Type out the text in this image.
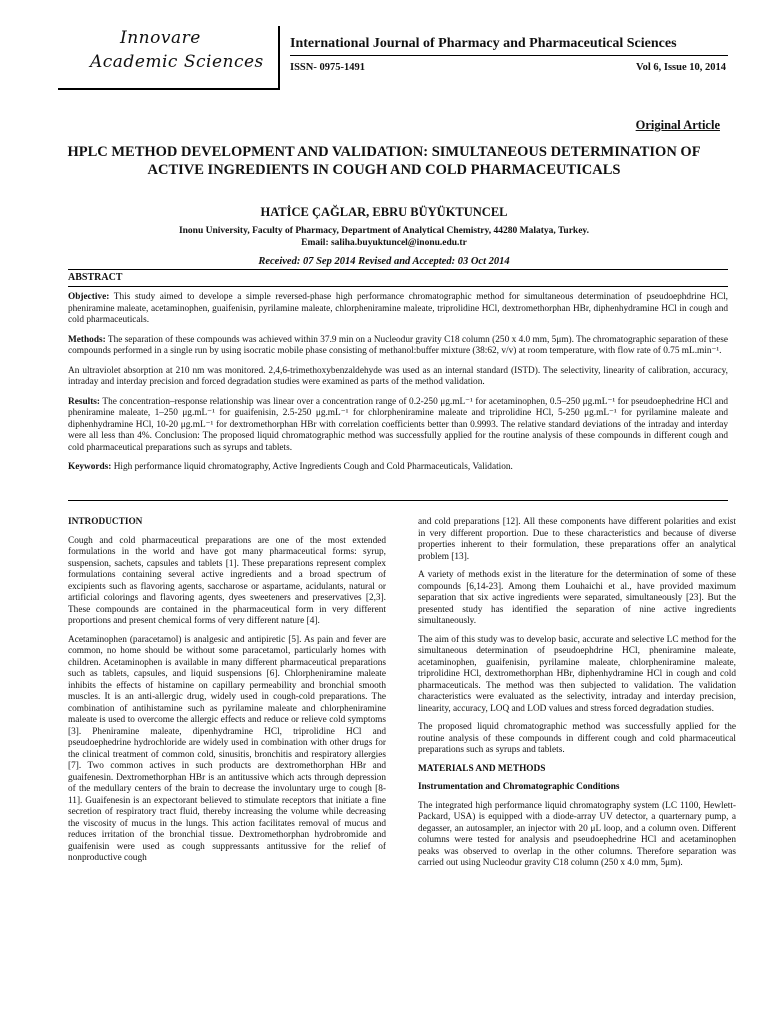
Innovare
Academic Sciences
International Journal of Pharmacy and Pharmaceutical Sciences
ISSN- 0975-1491	Vol 6, Issue 10, 2014
Original Article
HPLC METHOD DEVELOPMENT AND VALIDATION: SIMULTANEOUS DETERMINATION OF ACTIVE INGREDIENTS IN COUGH AND COLD PHARMACEUTICALS
HATİCE ÇAĞLAR, EBRU BÜYÜKTUNCEL
Inonu University, Faculty of Pharmacy, Department of Analytical Chemistry, 44280 Malatya, Turkey.
Email: saliha.buyuktuncel@inonu.edu.tr
Received: 07 Sep 2014 Revised and Accepted: 03 Oct 2014
ABSTRACT

Objective: This study aimed to develope a simple reversed-phase high performance chromatographic method for simultaneous determination of pseudoephdrine HCl, pheniramine maleate, acetaminophen, guaifenisin, pyrilamine maleate, chlorpheniramine maleate, triprolidine HCl, dextromethorphan HBr, diphenhydramine HCl in cough and cold pharmaceuticals.

Methods: The separation of these compounds was achieved within 37.9 min on a Nucleodur gravity C18 column (250 x 4.0 mm, 5μm). The chromatographic separation of these compounds performed in a single run by using isocratic mobile phase consisting of methanol:buffer mixture (38:62, v/v) at room temperature, with flow rate of 0.75 mL.min⁻¹.

An ultraviolet absorption at 210 nm was monitored. 2,4,6-trimethoxybenzaldehyde was used as an internal standard (ISTD). The selectivity, linearity of calibration, accuracy, intraday and interday precision and forced degradation studies were examined as parts of the method validation.

Results: The concentration–response relationship was linear over a concentration range of 0.2-250 μg.mL⁻¹ for acetaminophen, 0.5–250 μg.mL⁻¹ for pseudoephedrine HCl and pheniramine maleate, 1–250 μg.mL⁻¹ for guaifenisin, 2.5-250 μg.mL⁻¹ for chlorpheniramine maleate and triprolidine HCl, 5-250 μg.mL⁻¹ for pyrilamine maleate and diphenhydramine HCl, 10-20 μg.mL⁻¹ for dextromethorphan HBr with correlation coefficients better than 0.9993. The relative standard deviations of the intraday and interday were all less than 4%. Conclusion: The proposed liquid chromatographic method was successfully applied for the routine analysis of these compounds in different cough and cold pharmaceutical preparations such as syrups and tablets.

Keywords: High performance liquid chromatography, Active Ingredients Cough and Cold Pharmaceuticals, Validation.

INTRODUCTION

Cough and cold pharmaceutical preparations are one of the most extended formulations in the world and have got many pharmaceutical forms: syrup, suspension, sachets, capsules and tablets [1]. These preparations represent complex formulations containing several active ingredients and a broad spectrum of excipients such as flavoring agents, saccharose or aspartame, acidulants, natural or artificial colorings and flavoring agents, dyes sweeteners and preservatives [2,3]. These compounds are contained in the pharmaceutical form in very different proportions and present chemical forms of very different nature [4].

Acetaminophen (paracetamol) is analgesic and antipiretic [5]. As pain and fever are common, no home should be without some paracetamol, particularly homes with children. Acetaminophen is available in many different pharmaceutical preparations such as tablets, capsules, and liquid suspensions [6]. Chlorpheniramine maleate inhibits the effects of histamine on capillary permeability and bronchial smooth muscles. It is an anti-allergic drug, widely used in cough-cold preparations. The combination of antihistamine such as pyrilamine maleate and chlorpheniramine maleate is used to overcome the allergic effects and reduce or relieve cold symptoms [3]. Pheniramine maleate, dipenhydramine HCl, triprolidine HCl and pseudoephedrine hydrochloride are widely used in combination with other drugs for the clinical treatment of common cold, sinusitis, bronchitis and respiratory allergies [7]. Two common actives in such products are dextromethorphan HBr and guaifenesin. Dextromethorphan HBr is an antitussive which acts through depression of the medullary centers of the brain to decrease the involuntary urge to cough [8-11]. Guaifenesin is an expectorant believed to stimulate receptors that initiate a fine secretion of respiratory tract fluid, thereby increasing the volume while decreasing the viscosity of mucus in the lungs. This action facilitates removal of mucus and reduces irritation of the bronchial tissue. Dextromethorphan hydrobromide and guaifenisin were used as cough suppressants antitussive for the relief of nonproductive cough

and cold preparations [12]. All these components have different polarities and exist in very different proportion. Due to these characteristics and because of diverse properties inherent to their formulation, these preparations offer an analytical problem [13].

A variety of methods exist in the literature for the determination of some of these compounds [6,14-23]. Among them Louhaichi et al., have provided maximum separation that six active ingredients were separated, simultaneously [23]. But the presented study has identified the separation of nine active ingredients simultaneously.

The aim of this study was to develop basic, accurate and selective LC method for the simultaneous determination of pseudoephdrine HCl, pheniramine maleate, acetaminophen, guaifenisin, pyrilamine maleate, chlorpheniramine maleate, triprolidine HCl, dextromethorphan HBr, diphenhydramine HCl in cough and cold pharmaceuticals. The method was then subjected to validation. The validation characteristics were evaluated as the selectivity, intraday and interday precision, linearity, accuracy, LOQ and LOD values and stress forced degradation studies.

The proposed liquid chromatographic method was successfully applied for the routine analysis of these compounds in different cough and cold pharmaceutical preparations such as syrups and tablets.

MATERIALS AND METHODS

Instrumentation and Chromatographic Conditions

The integrated high performance liquid chromatography system (LC 1100, Hewlett-Packard, USA) is equipped with a diode-array UV detector, a quarternary pump, a degasser, an autosampler, an injector with 20 μL loop, and a column oven. Different columns were tested for analysis and pseudoephedrine HCl and acetaminophen peaks was observed to overlap in the other columns. Therefore separation was carried out using Nucleodur gravity C18 column (250 x 4.0 mm, 5μm).
